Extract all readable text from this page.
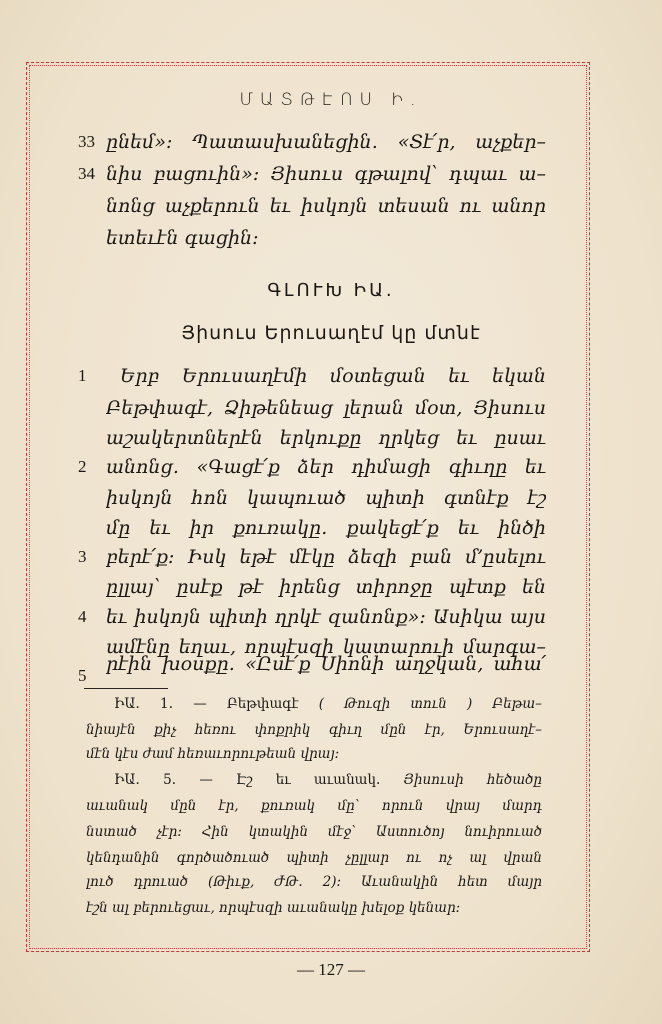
ՄԱՏԹԷՈՍ Ի.
33 ընեմ»։ Պատասխանեցին․ «Տէ՛ր, աչքեր–
34 նիս բացուին»։ Յիսուս գթալով՝ դպաւ ա–
նոնց աչքերուն եւ իսկոյն տեսան ու անոր
ետեւէն գացին։
ԳԼՈՒԽ ԻԱ.
Յիսուս Երուսաղէմ կը մտնէ
1	Երբ Երուսաղէմի մօտեցան եւ եկան
Բեթփագէ, Ձիթենեաց լերան մօտ, Յիսուս
աշակերտներէն երկուքը ղրկեց եւ ըսաւ
2	անոնց․ «Գացէ՛ք ձեր դիմացի գիւղը եւ
իսկոյն հոն կապուած պիտի գտնէք էշ
մը եւ իր քուռակը․ քակեցէ՛ք եւ ինծի
3	բերէ՛ք։ Իսկ եթէ մէկը ձեզի բան մ՚ըսելու
ըլլայ՝ ըսէք թէ իրենց տիրոջը պէտք են
4	եւ իսկոյն պիտի ղրկէ զանոնք»։ Ասիկա այս
ամէնը եղաւ, որպէսզի կատարուի մարգա–
5
րէին խօսքը․ «Ըսէ՛ք Սիոնի աղջկան, ահա՛
ԻԱ․ 1․ — Բեթփագէ ( Թուզի տուն ) Բեթա–
նիայէն քիչ հեռու փոքրիկ գիւղ մըն էր, Երուսաղէ–
մէն կէս ժամ հեռաւորութեան վրայ։
ԻԱ․ 5․ — Էշ եւ աւանակ․ Յիսուսի հեծածը
աւանակ մըն էր, քուռակ մը՝ որուն վրայ մարդ
նստած չէր։ Հին կտակին մէջ՝ Աստուծոյ նուիրուած
կենդանին գործածուած պիտի չըլլար ու ոչ ալ վրան
լուծ դրուած (Թիւք, ԺԹ․ 2)։ Աւանակին հետ մայր
էշն ալ բերուեցաւ, որպէսզի աւանակը խելօք կենար։
— 127 —
